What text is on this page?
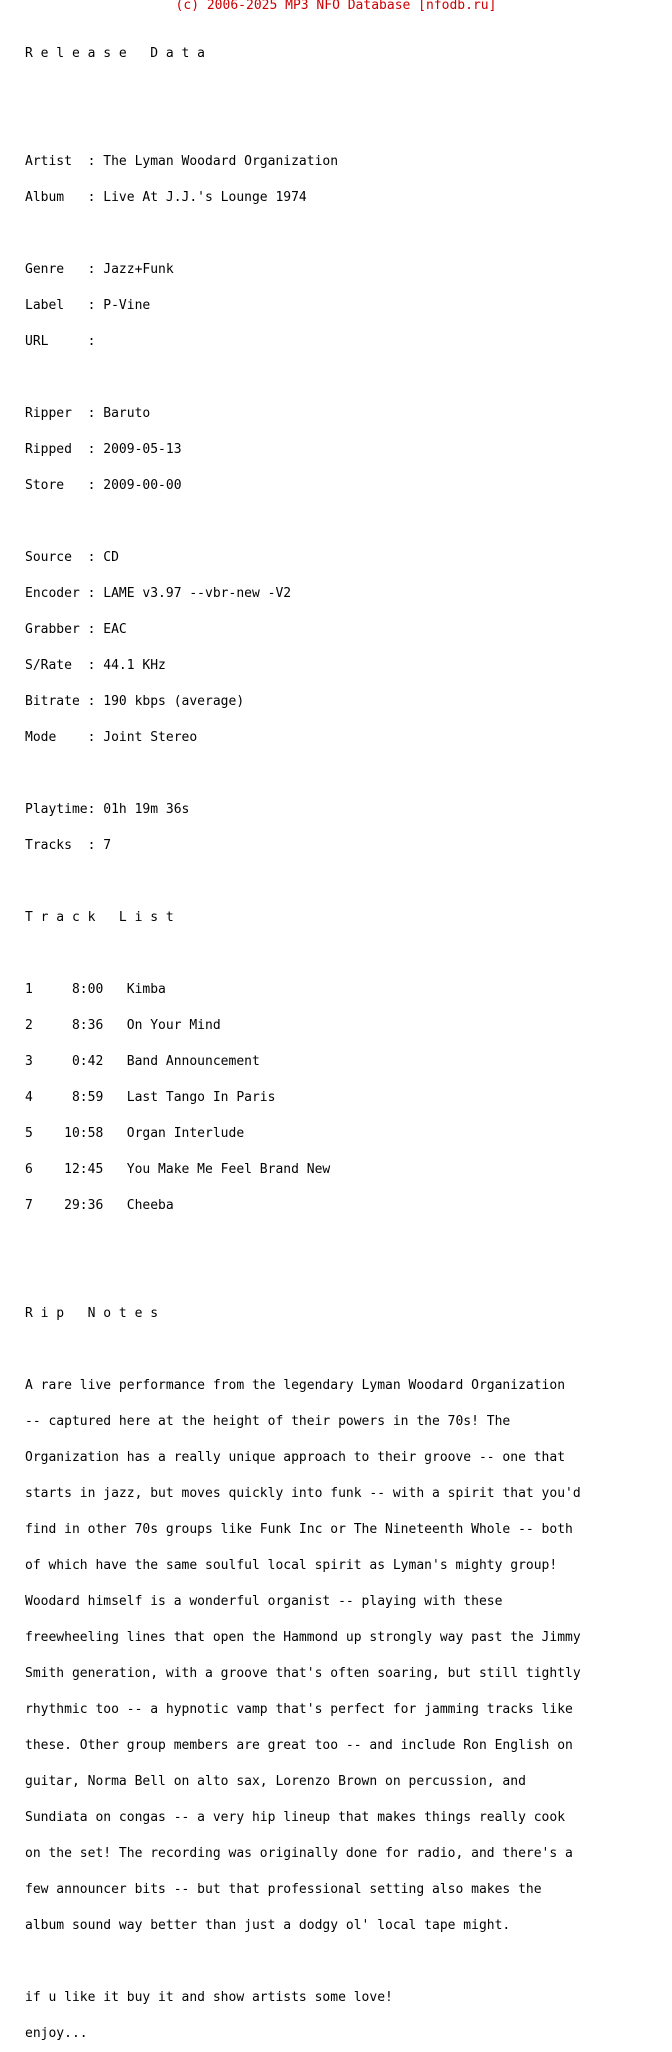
(c) 2006-2025 MP3 NFO Database [nfodb.ru]

R e l e a s e   D a t a

Artist  : The Lyman Woodard Organization

Album   : Live At J.J.'s Lounge 1974

Genre   : Jazz+Funk

Label   : P-Vine

URL     :

Ripper  : Baruto

Ripped  : 2009-05-13

Store   : 2009-00-00

Source  : CD

Encoder : LAME v3.97 --vbr-new -V2

Grabber : EAC

S/Rate  : 44.1 KHz

Bitrate : 190 kbps (average)

Mode    : Joint Stereo

Playtime: 01h 19m 36s

Tracks  : 7

T r a c k   L i s t

1     8:00   Kimba

2     8:36   On Your Mind

3     0:42   Band Announcement

4     8:59   Last Tango In Paris

5    10:58   Organ Interlude

6    12:45   You Make Me Feel Brand New

7    29:36   Cheeba

R i p   N o t e s

A rare live performance from the legendary Lyman Woodard Organization

-- captured here at the height of their powers in the 70s! The

Organization has a really unique approach to their groove -- one that

starts in jazz, but moves quickly into funk -- with a spirit that you'd

find in other 70s groups like Funk Inc or The Nineteenth Whole -- both

of which have the same soulful local spirit as Lyman's mighty group!

Woodard himself is a wonderful organist -- playing with these

freewheeling lines that open the Hammond up strongly way past the Jimmy

Smith generation, with a groove that's often soaring, but still tightly

rhythmic too -- a hypnotic vamp that's perfect for jamming tracks like

these. Other group members are great too -- and include Ron English on

guitar, Norma Bell on alto sax, Lorenzo Brown on percussion, and

Sundiata on congas -- a very hip lineup that makes things really cook

on the set! The recording was originally done for radio, and there's a

few announcer bits -- but that professional setting also makes the

album sound way better than just a dodgy ol' local tape might.

if u like it buy it and show artists some love!

enjoy...
